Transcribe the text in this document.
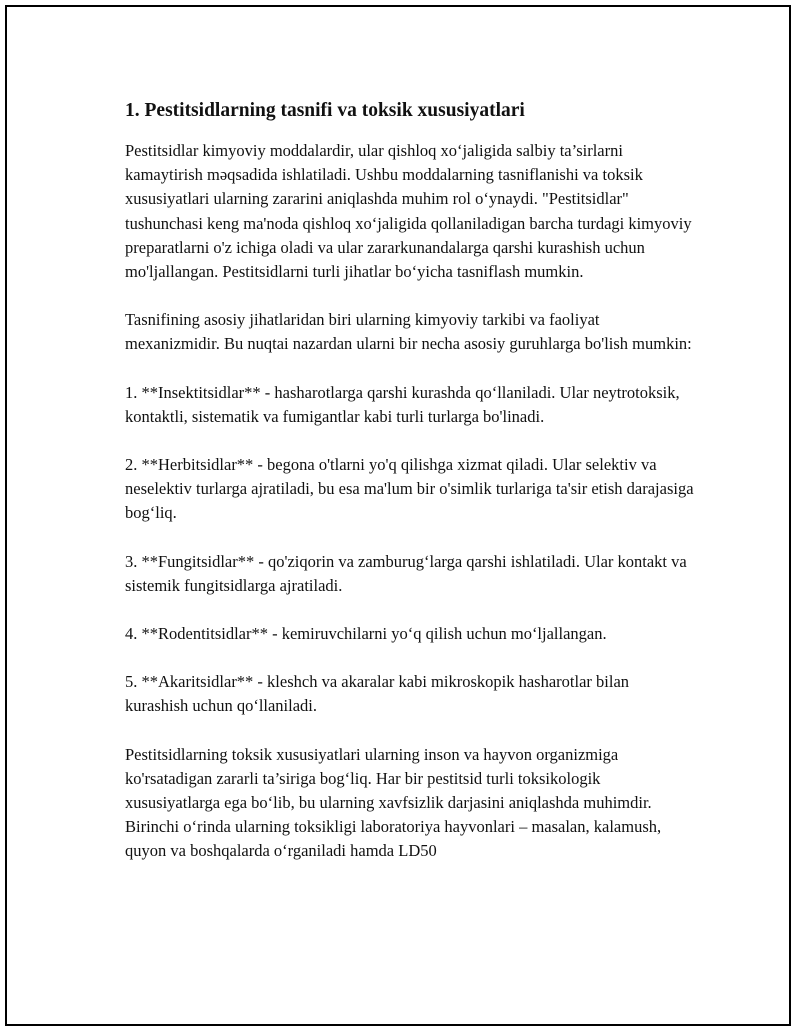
1. Pestitsidlarning tasnifi va toksik xususiyatlari

Pestitsidlar kimyoviy moddalardir, ular qishloq xo‘jaligida salbiy ta’sirlarni kamaytirish məqsadida ishlatiladi. Ushbu moddalarning tasniflanishi va toksik xususiyatlari ularning zararini aniqlashda muhim rol o‘ynaydi. "Pestitsidlar" tushunchasi keng ma'noda qishloq xo‘jaligida qollaniladigan barcha turdagi kimyoviy preparatlarni o'z ichiga oladi va ular zararkunandalarga qarshi kurashish uchun mo'ljallangan. Pestitsidlarni turli jihatlar bo‘yicha tasniflash mumkin.

Tasnifining asosiy jihatlaridan biri ularning kimyoviy tarkibi va faoliyat mexanizmidir. Bu nuqtai nazardan ularni bir necha asosiy guruhlarga bo'lish mumkin:

1. **Insektitsidlar** - hasharotlarga qarshi kurashda qo‘llaniladi. Ular neytrotoksik, kontaktli, sistematik va fumigantlar kabi turli turlarga bo'linadi.

2. **Herbitsidlar** - begona o'tlarni yo'q qilishga xizmat qiladi. Ular selektiv va neselektiv turlarga ajratiladi, bu esa ma'lum bir o'simlik turlariga ta'sir etish darajasiga bog‘liq.

3. **Fungitsidlar** - qo'ziqorin va zamburug‘larga qarshi ishlatiladi. Ular kontakt va sistemik fungitsidlarga ajratiladi.

4. **Rodentitsidlar** - kemiruvchilarni yo‘q qilish uchun mo‘ljallangan.

5. **Akaritsidlar** - kleshch va akaralar kabi mikroskopik hasharotlar bilan kurashish uchun qo‘llaniladi.

Pestitsidlarning toksik xususiyatlari ularning inson va hayvon organizmiga ko'rsatadigan zararli ta’siriga bog‘liq. Har bir pestitsid turli toksikologik xususiyatlarga ega bo‘lib, bu ularning xavfsizlik darjasini aniqlashda muhimdir. Birinchi o‘rinda ularning toksikligi laboratoriya hayvonlari – masalan, kalamush, quyon va boshqalarda o‘rganiladi hamda LD50
